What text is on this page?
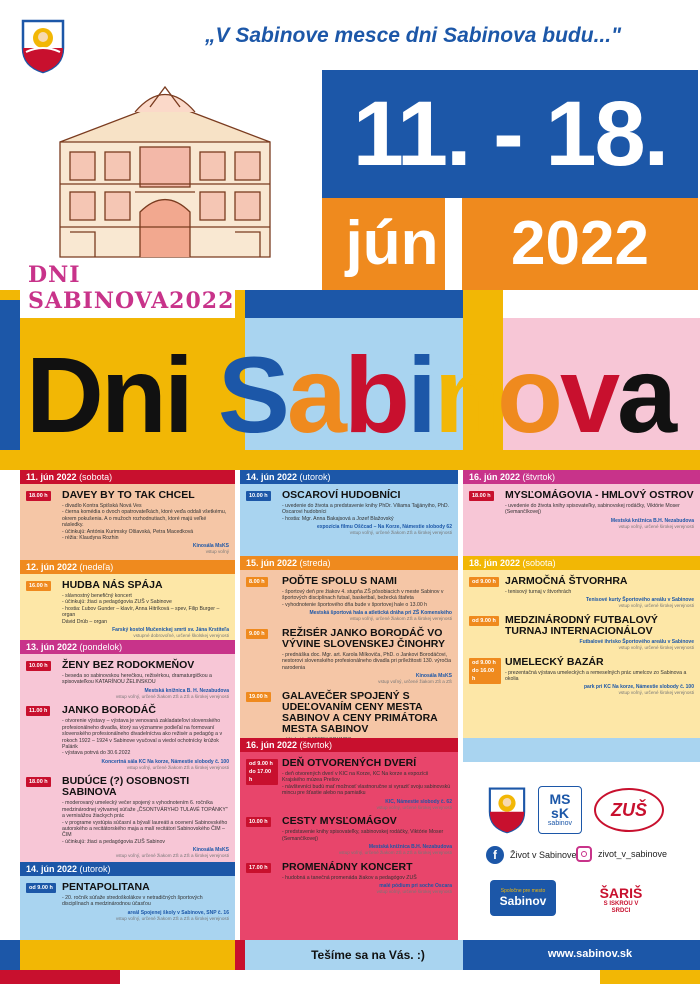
„V Sabinove mesce dni Sabinova budu..."
DNI SABINOVA2022
11. - 18.
jún	2022
Dni Sabinova
11. jún 2022 (sobota)
18.00 h DAVEY BY TO TAK CHCEL
- divadlo Kontra Spišská Nová Ves
- čierna komédia o dvoch opatrovateľkách, ktoré veďa oddali všetkému, okrem pokušenia. A o mužoch rozhodnutiach, ktoré majú veľké následky.
- účinkujú: Antónia Kurimsky Olšavská, Petra Macedková
- réžia: Klaudyna Rozhin
Kinosála MsKS
vstup voľný
12. jún 2022 (nedeľa)
16.00 h HUDBA NÁS SPÁJA
- slávnostný benefičný koncert
- účinkujú: žiaci a pedagógovia ZUŠ v Sabinove
- hostia: Ľubov Gunder – klavír, Anna Hitríková – spev, Filip Burger – organ
Dávid Drúb – organ
Farský kostol Mučeníckej smrti sv. Jána Krstiteľa
vstupné dobrovoľné, určené školskej verejnosti
13. jún 2022 (pondelok)
10.00 h ŽENY BEZ RODOKMEŇOV
- beseda so sabinovskou herečkou, režisérkou, dramaturgičkou a spisovateľkou KATARÍNOU ŽELINSKOU
Mestská knižnica B. H. Nezabudova
vstup voľný, určené žiakom ZŠ a ZŠ a širokej verejnosti
11.00 h JANKO BORODÁČ
- otvorenie výstavy – výstava je venovaná zakladateľovi slovenského profesionálneho divadla, ktorý sa významne podieľal na formovaní slovenského profesionálneho divadelníctva ako režisér a pedagóg a v rokoch 1922 – 1924 v Sabinove vyučoval a viedol ochotnícky krúžok Palárik
- výstava potrvá do 30.6.2022
Koncertná sála KC Na korze, Námestie slobody č. 100
vstup voľný, určené žiakom ZŠ a širokej verejnosti
18.00 h BUDÚCE (?) OSOBNOSTI SABINOVA
- moderovaný umelecký večer spojený s vyhodnotením 6. ročníka medzinárodnej výtvarnej súťaže „ČSONTVÁRYHO TULAVÉ TOPÁNKY" a vernisážou žiackych prác
- v programe vystúpia súčasní a bývalí laureáti a ocenení Sabinovského autorského a recitátorského maja a malí recitátori Sabinovského ČIM – ČIM
- účinkujú: žiaci a pedagógovia ZUŠ Sabinov
Kinosála MsKS
vstup voľný, určené žiakom ZŠ a ZŠ a širokej verejnosti
14. jún 2022 (utorok)
od 9.00 h PENTAPOLITANA
- 20. ročník súťaže stredoškolákov v netradičných športových disciplínach a medzinárodnou účasťou
areál Spojenej školy v Sabinove, SNP č. 16
vstup voľný, určené žiakom ZŠ a ZŠ a širokej verejnosti
14. jún 2022 (utorok)
10.00 h OSCAROVÍ HUDOBNÍCI
- uvedenie do života a predstavenie knihy PhDr. Viliama Tajjányiho, PhD. Oscarovi hudobníci
- hostia: Mgr. Anna Bakajsová a Jozef Blažovský
expozícia filmu Oščcad – Na Korze, Námestie slobody 62
vstup voľný, určené žiakom ZŠ a širokej verejnosti
15. jún 2022 (streda)
8.00 h POĎTE SPOLU S NAMI
- športový deň pre žiakov 4. stupňa ZŠ pôsobiacich v meste Sabinov v športových disciplínach futsal, basketbal, bežecká štafeta
- vyhodnotenie športového dňa bude v športovej hale o 13.00 h
Mestská športová hala a atletická dráha pri ZŠ Komenského
vstup voľný, určené žiakom ZŠ a širokej verejnosti
9.00 h REŽISÉR JANKO BORODÁČ VO VÝVINE SLOVENSKEJ ČINOHRY
- prednáška doc. Mgr. art. Karola Milkoviča, PhD. o Jankovi Borodáčovi, nestorovi slovenského profesionálneho divadla pri príležitosti 130. výročia narodenia
Kinosála MsKS
vstup voľný, určené žiakom ZŠ a ZŠ
19.00 h GALAVEČER SPOJENÝ S UDEĽOVANÍM CENY MESTA SABINOV A CENY PRIMÁTORA MESTA SABINOV
16. jún 2022 (štvrtok)
od 9.00 h do 17.00 h
DEŇ OTVORENÝCH DVERÍ
- deň otvorených dverí v KIC na Korze, KC Na korze a expozícii Krajského múzea Prešov
- návštevníci budú mať možnosť vlastnoručne si vyraziť svoju sabinovskú mincu pre šťastie alebo na pamiatku
KIC, Námestie slobody č. 62
vstup voľný, určené širokej verejnosti
10.00 h CESTY MYSĽOMÁGOV
- predstavenie knihy spisovateľky, sabinovskej rodáčky, Viktórie Moser (Semančíkovej)
Mestská knižnica B.H. Nezabudova
vstup voľný, určené žiakom ZŠ a ZŠ a širokej verejnosti
17.00 h PROMENÁDNY KONCERT
- hudobná a tanečná promenáda žiakov a pedagógov ZUŠ
malé pódium pri soche Oscara
vstup voľný, určené širokej verejnosti
16. jún 2022 (štvrtok)
18.00 h MYSĽOMÁGOVIA - HMLOVÝ OSTROV
- uvedenie do života knihy spisovateľky, sabinovskej rodáčky, Viktórie Moser (Semančíkovej)
Mestská knižnica B.H. Nezabudova
vstup voľný, určené širokej verejnosti
18. jún 2022 (sobota)
od 9.00 h JARMOČNÁ ŠTVORHRA
- tenisový turnaj v štvorhrách
Tenisové kurty Športového areálu v Sabinove
vstup voľný, určené širokej verejnosti
od 9.00 h MEDZINÁRODNÝ FUTBALOVÝ TURNAJ INTERNACIONÁLOV
Futbalové ihrisko Športového areálu v Sabinove
vstup voľný, určené širokej verejnosti
od 9.00 h do 16.00 h
UMELECKÝ BAZÁR
- prezentačná výstava umeleckých a remeselných prác umelcov zo Sabinova a okolia
park pri KC Na korze, Námestie slobody č. 100
vstup voľný, určené širokej verejnosti
MS
sK
sabinov
ZUŠ
f	Život v Sabinove zivot_v_sabinove
Spoločne pre mesto
Sabinov	ŠARIŠ
S ISKROU V SRDCI
Tešíme sa na Vás. :)	www.sabinov.sk
